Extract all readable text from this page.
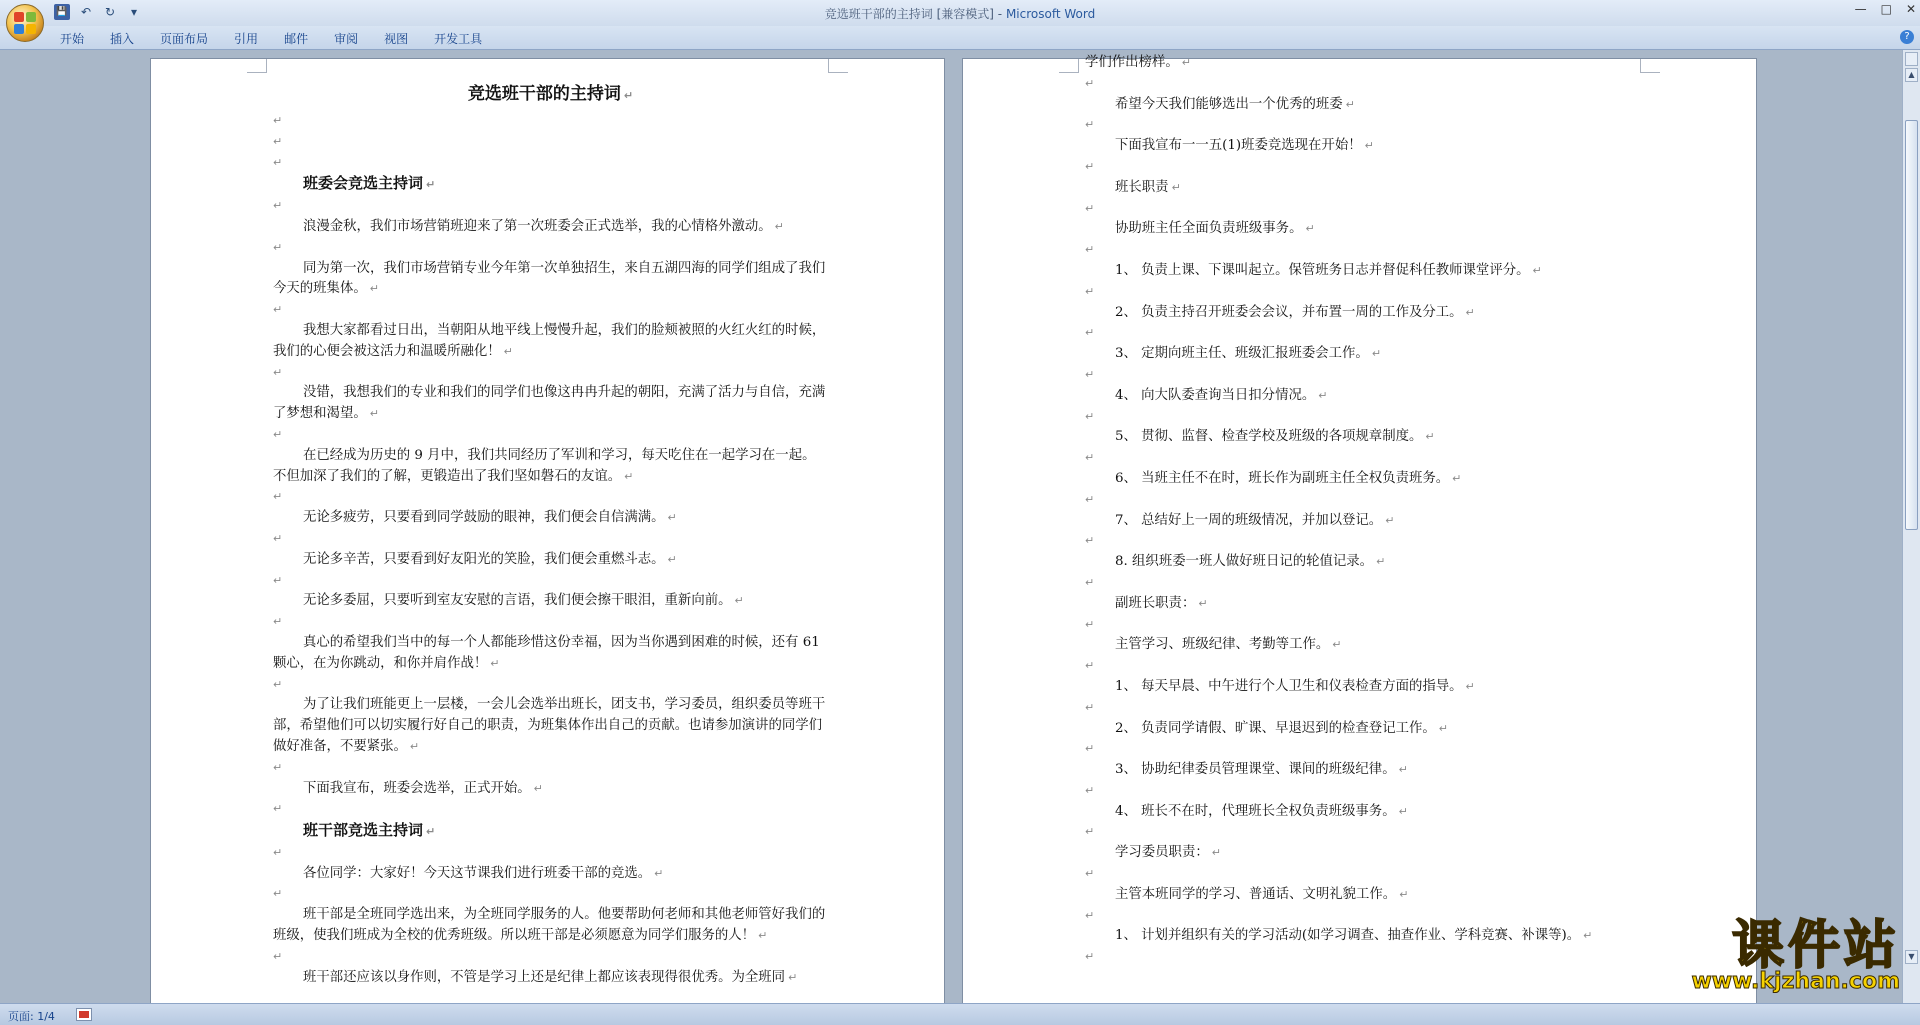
💾 ↶ ↻	▾	竞选班干部的主持词 [兼容模式] - Microsoft Word	— □ ✕
开始 插入 页面布局 引用 邮件 审阅 视图 开发工具	?

竞选班干部的主持词 ↵

↵

↵

↵

班委会竞选主持词 ↵

↵

浪漫金秋，我们市场营销班迎来了第一次班委会正式选举，我的心情格外激动。 ↵

↵

同为第一次，我们市场营销专业今年第一次单独招生，来自五湖四海的同学们组成了我们今天的班集体。 ↵

↵

我想大家都看过日出，当朝阳从地平线上慢慢升起，我们的脸颊被照的火红火红的时候，我们的心便会被这活力和温暖所融化！ ↵

↵

没错，我想我们的专业和我们的同学们也像这冉冉升起的朝阳，充满了活力与自信，充满了梦想和渴望。 ↵

↵

在已经成为历史的 9 月中，我们共同经历了军训和学习，每天吃住在一起学习在一起。不但加深了我们的了解，更锻造出了我们坚如磐石的友谊。 ↵

↵

无论多疲劳，只要看到同学鼓励的眼神，我们便会自信满满。 ↵

↵

无论多辛苦，只要看到好友阳光的笑脸，我们便会重燃斗志。 ↵

↵

无论多委屈，只要听到室友安慰的言语，我们便会擦干眼泪，重新向前。 ↵

↵

真心的希望我们当中的每一个人都能珍惜这份幸福，因为当你遇到困难的时候，还有 61 颗心，在为你跳动，和你并肩作战！ ↵

↵

为了让我们班能更上一层楼，一会儿会选举出班长，团支书，学习委员，组织委员等班干部，希望他们可以切实履行好自己的职责，为班集体作出自己的贡献。也请参加演讲的同学们做好准备，不要紧张。 ↵

↵

下面我宣布，班委会选举，正式开始。 ↵

↵

班干部竞选主持词 ↵

↵

各位同学：大家好！今天这节课我们进行班委干部的竞选。 ↵

↵

班干部是全班同学选出来，为全班同学服务的人。他要帮助何老师和其他老师管好我们的班级，使我们班成为全校的优秀班级。所以班干部是必须愿意为同学们服务的人！ ↵

↵

班干部还应该以身作则，不管是学习上还是纪律上都应该表现得很优秀。为全班同 ↵

学们作出榜样。 ↵

↵

希望今天我们能够选出一个优秀的班委 ↵

↵

下面我宣布一一五(1)班委竞选现在开始！ ↵

↵

班长职责 ↵

↵

协助班主任全面负责班级事务。 ↵

↵

1、 负责上课、下课叫起立。保管班务日志并督促科任教师课堂评分。 ↵

↵

2、 负责主持召开班委会会议，并布置一周的工作及分工。 ↵

↵

3、 定期向班主任、班级汇报班委会工作。 ↵

↵

4、 向大队委查询当日扣分情况。 ↵

↵

5、 贯彻、监督、检查学校及班级的各项规章制度。 ↵

↵

6、 当班主任不在时，班长作为副班主任全权负责班务。 ↵

↵

7、 总结好上一周的班级情况，并加以登记。 ↵

↵

8. 组织班委一班人做好班日记的轮值记录。 ↵

↵

副班长职责： ↵

↵

主管学习、班级纪律、考勤等工作。 ↵

↵

1、 每天早晨、中午进行个人卫生和仪表检查方面的指导。 ↵

↵

2、 负责同学请假、旷课、早退迟到的检查登记工作。 ↵

↵

3、 协助纪律委员管理课堂、课间的班级纪律。 ↵

↵

4、 班长不在时，代理班长全权负责班级事务。 ↵

↵

学习委员职责： ↵

↵

主管本班同学的学习、普通话、文明礼貌工作。 ↵

↵

1、 计划并组织有关的学习活动(如学习调查、抽查作业、学科竞赛、补课等)。 ↵

↵

▲
▼
课件站
www.kjzhan.com
页面: 1/4
